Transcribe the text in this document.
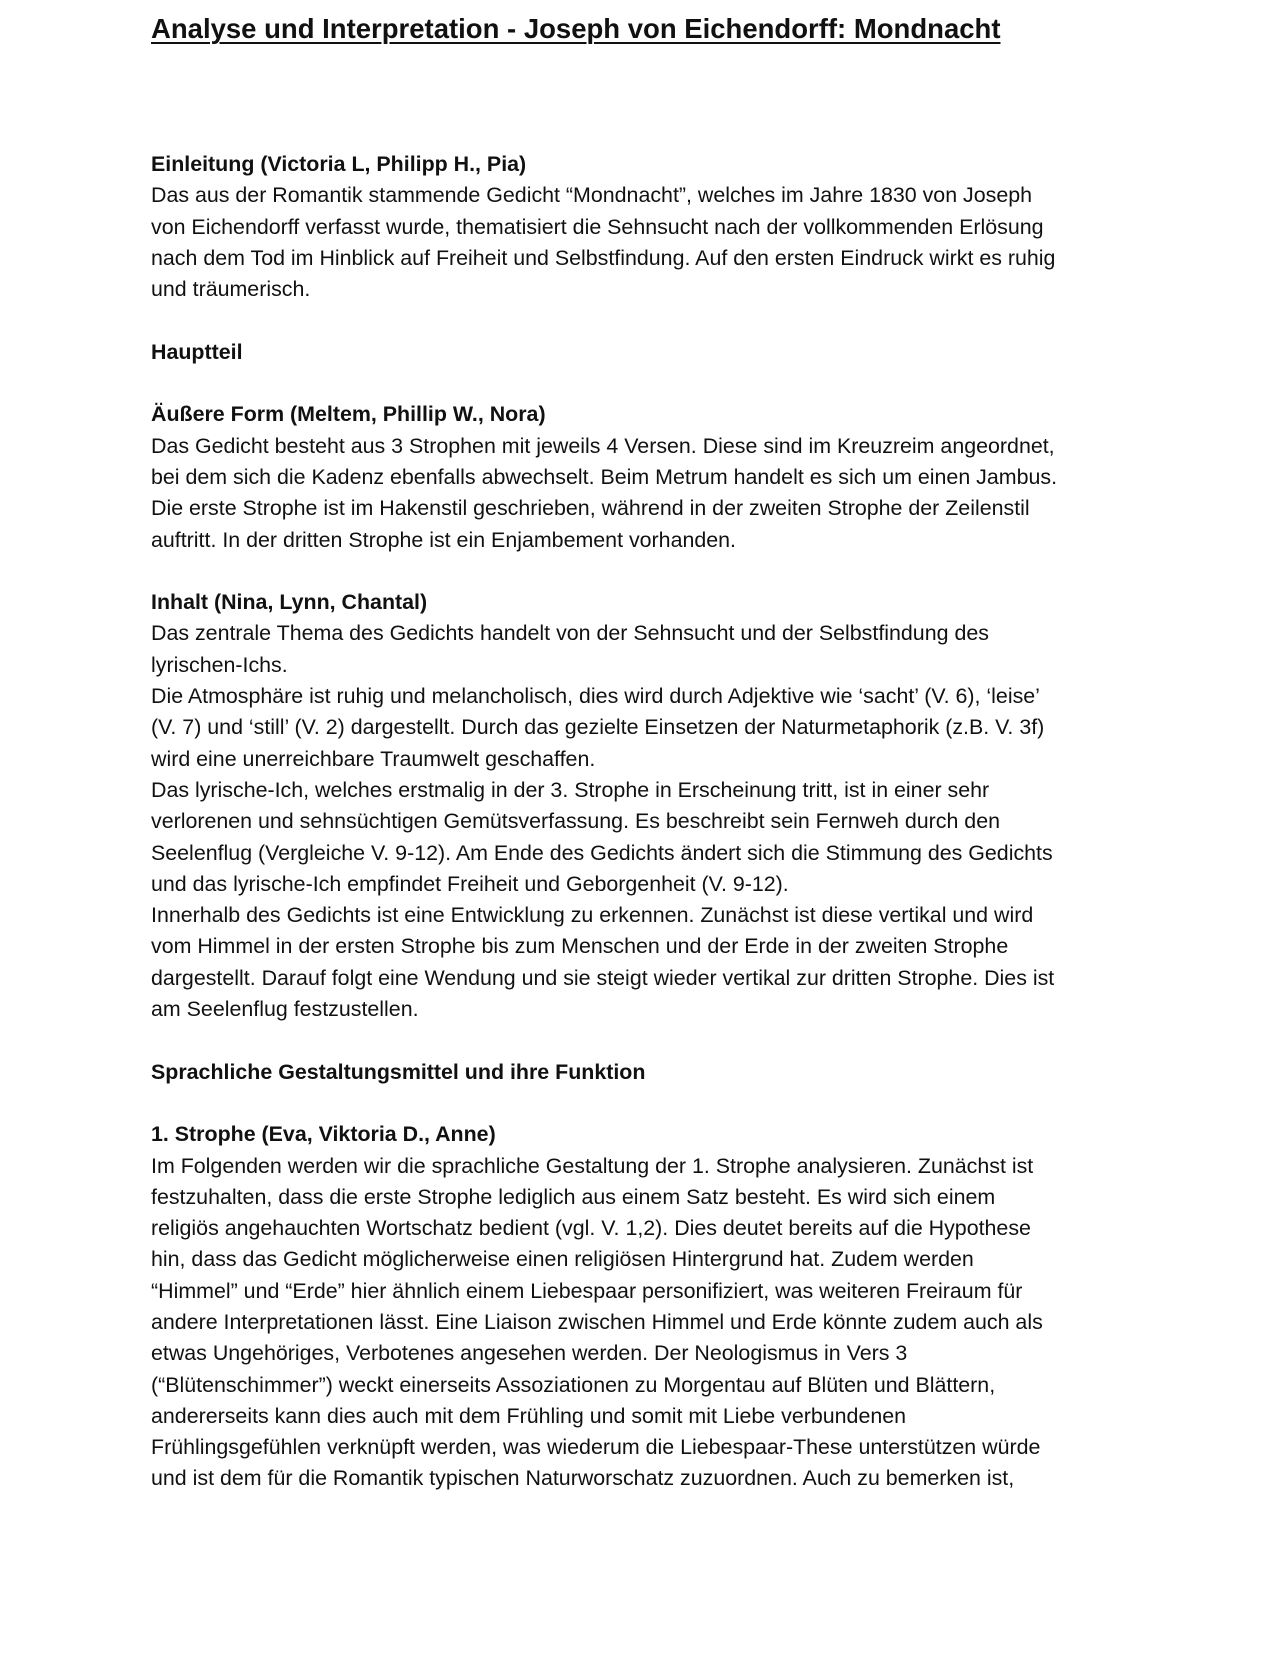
Analyse und Interpretation - Joseph von Eichendorff: Mondnacht

Einleitung (Victoria L, Philipp H., Pia)

Das aus der Romantik stammende Gedicht “Mondnacht”, welches im Jahre 1830 von Joseph

von Eichendorff verfasst wurde, thematisiert die Sehnsucht nach der vollkommenden Erlösung

nach dem Tod im Hinblick auf Freiheit und Selbstfindung. Auf den ersten Eindruck wirkt es ruhig

und träumerisch.

Hauptteil

Äußere Form (Meltem, Phillip W., Nora)

Das Gedicht besteht aus 3 Strophen mit jeweils 4 Versen. Diese sind im Kreuzreim angeordnet,

bei dem sich die Kadenz ebenfalls abwechselt. Beim Metrum handelt es sich um einen Jambus.

Die erste Strophe ist im Hakenstil geschrieben, während in der zweiten Strophe der Zeilenstil

auftritt. In der dritten Strophe ist ein Enjambement vorhanden.

Inhalt (Nina, Lynn, Chantal)

Das zentrale Thema des Gedichts handelt von der Sehnsucht und der Selbstfindung des

lyrischen-Ichs.

Die Atmosphäre ist ruhig und melancholisch, dies wird durch Adjektive wie ‘sacht’ (V. 6), ‘leise’

(V. 7) und ‘still’ (V. 2) dargestellt. Durch das gezielte Einsetzen der Naturmetaphorik (z.B. V. 3f)

wird eine unerreichbare Traumwelt geschaffen.

Das lyrische-Ich, welches erstmalig in der 3. Strophe in Erscheinung tritt, ist in einer sehr

verlorenen und sehnsüchtigen Gemütsverfassung. Es beschreibt sein Fernweh durch den

Seelenflug (Vergleiche V. 9-12). Am Ende des Gedichts ändert sich die Stimmung des Gedichts

und das lyrische-Ich empfindet Freiheit und Geborgenheit (V. 9-12).

Innerhalb des Gedichts ist eine Entwicklung zu erkennen. Zunächst ist diese vertikal und wird

vom Himmel in der ersten Strophe bis zum Menschen und der Erde in der zweiten Strophe

dargestellt. Darauf folgt eine Wendung und sie steigt wieder vertikal zur dritten Strophe. Dies ist

am Seelenflug festzustellen.

Sprachliche Gestaltungsmittel und ihre Funktion

1. Strophe (Eva, Viktoria D., Anne)

Im Folgenden werden wir die sprachliche Gestaltung der 1. Strophe analysieren. Zunächst ist

festzuhalten, dass die erste Strophe lediglich aus einem Satz besteht. Es wird sich einem

religiös angehauchten Wortschatz bedient (vgl. V. 1,2). Dies deutet bereits auf die Hypothese

hin, dass das Gedicht möglicherweise einen religiösen Hintergrund hat. Zudem werden

“Himmel” und “Erde” hier ähnlich einem Liebespaar personifiziert, was weiteren Freiraum für

andere Interpretationen lässt. Eine Liaison zwischen Himmel und Erde könnte zudem auch als

etwas Ungehöriges, Verbotenes angesehen werden. Der Neologismus in Vers 3

(“Blütenschimmer”) weckt einerseits Assoziationen zu Morgentau auf Blüten und Blättern,

andererseits kann dies auch mit dem Frühling und somit mit Liebe verbundenen

Frühlingsgefühlen verknüpft werden, was wiederum die Liebespaar-These unterstützen würde

und ist dem für die Romantik typischen Naturworschatz zuzuordnen. Auch zu bemerken ist,
